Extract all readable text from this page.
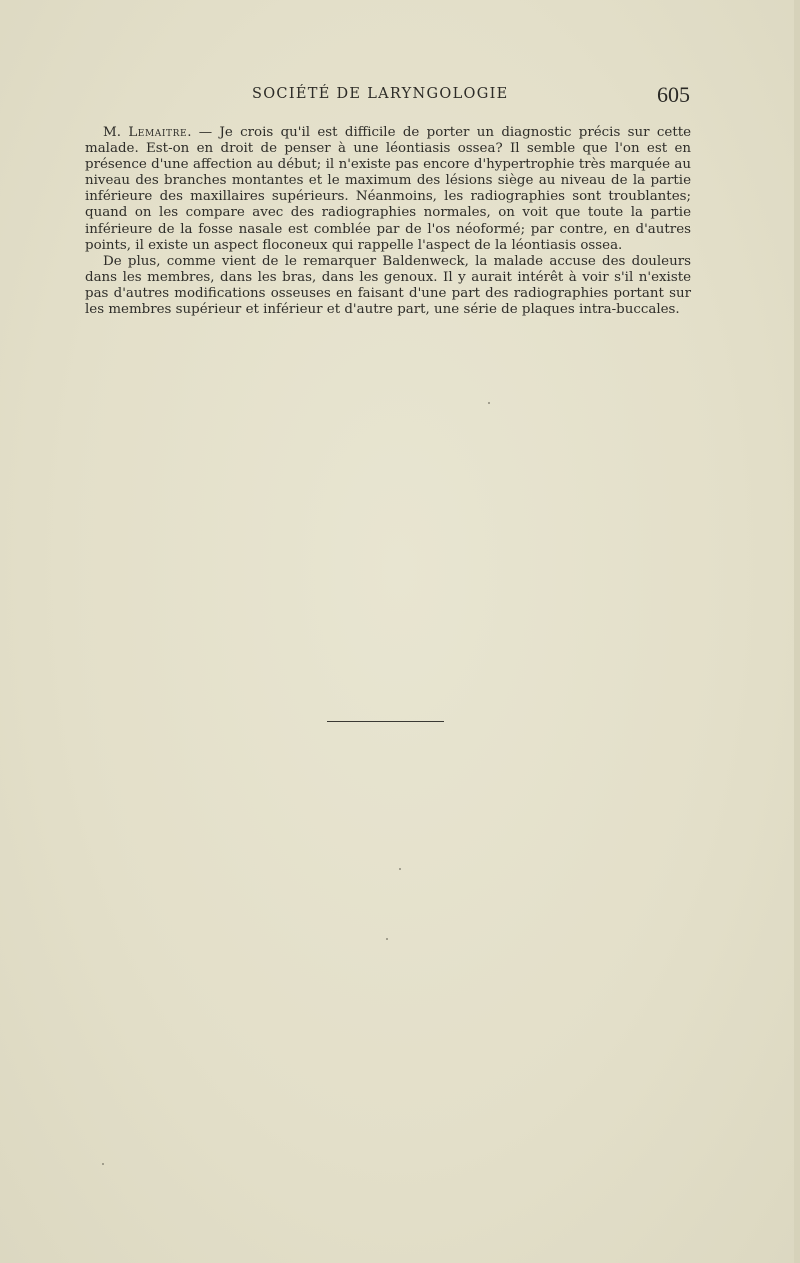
SOCIÉTÉ DE LARYNGOLOGIE	605

M. Lemaitre. — Je crois qu'il est difficile de porter un diagnostic précis sur cette malade. Est-on en droit de penser à une léontiasis ossea? Il semble que l'on est en présence d'une affection au début; il n'existe pas encore d'hypertrophie très marquée au niveau des branches montantes et le maximum des lésions siège au niveau de la partie inférieure des maxillaires supérieurs. Néanmoins, les radiographies sont troublantes; quand on les compare avec des radiographies normales, on voit que toute la partie inférieure de la fosse nasale est comblée par de l'os néoformé; par contre, en d'autres points, il existe un aspect floconeux qui rappelle l'aspect de la léontiasis ossea.

De plus, comme vient de le remarquer Baldenweck, la malade accuse des douleurs dans les membres, dans les bras, dans les genoux. Il y aurait intérêt à voir s'il n'existe pas d'autres modifications osseuses en faisant d'une part des radiographies portant sur les membres supérieur et inférieur et d'autre part, une série de plaques intra-buccales.
